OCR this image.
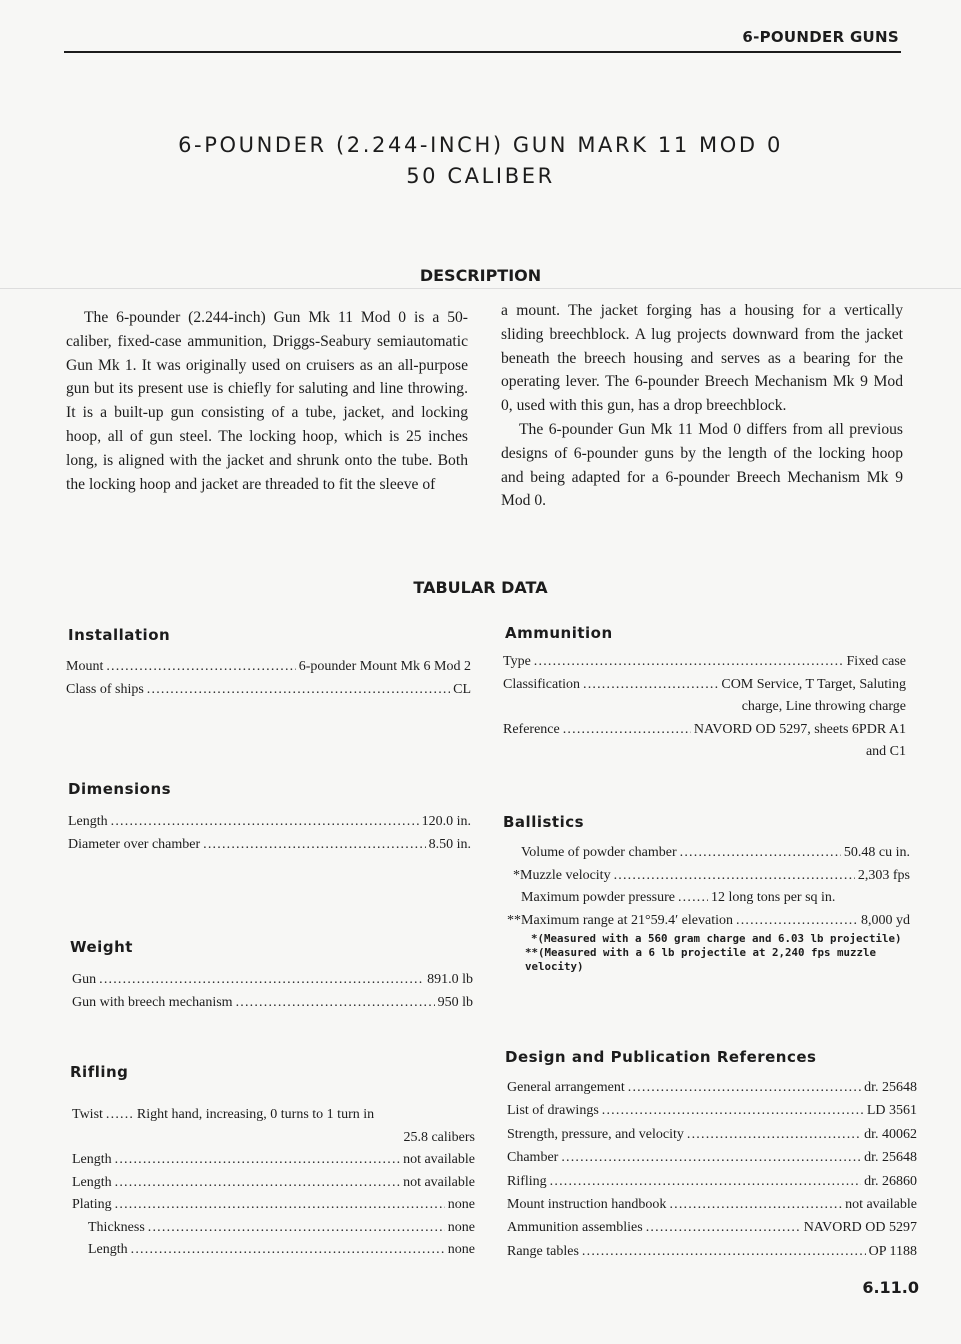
6-POUNDER GUNS
6-POUNDER (2.244-INCH) GUN MARK 11 MOD 0
50 CALIBER
DESCRIPTION

The 6-pounder (2.244-inch) Gun Mk 11 Mod 0 is a 50-caliber, fixed-case ammunition, Driggs-Seabury semiautomatic Gun Mk 1. It was originally used on cruisers as an all-purpose gun but its present use is chiefly for saluting and line throwing. It is a built-up gun consisting of a tube, jacket, and locking hoop, all of gun steel. The locking hoop, which is 25 inches long, is aligned with the jacket and shrunk onto the tube. Both the locking hoop and jacket are threaded to fit the sleeve of

a mount. The jacket forging has a housing for a vertically sliding breechblock. A lug projects downward from the jacket beneath the breech housing and serves as a bearing for the operating lever. The 6-pounder Breech Mechanism Mk 9 Mod 0, used with this gun, has a drop breechblock.

The 6-pounder Gun Mk 11 Mod 0 differs from all previous designs of 6-pounder guns by the length of the locking hoop and being adapted for a 6-pounder Breech Mechanism Mk 9 Mod 0.

TABULAR DATA
Installation
Mount .....	6-pounder Mount Mk 6 Mod 2
Class of ships .....	CL
Dimensions
Length .....	120.0 in.
Diameter over chamber .....	8.50 in.
Weight
Gun .....	891.0 lb
Gun with breech mechanism .....	950 lb
Rifling
Twist ..... Right hand, increasing, 0 turns to 1 turn in
25.8 calibers
Length .....	not available
Length .....	not available
Plating .....	none
Thickness .....	none
Length .....	none
Ammunition
Type .....	Fixed case
Classification .....	COM Service, T Target, Saluting
charge, Line throwing charge
Reference .....	NAVORD OD 5297, sheets 6PDR A1
and C1
Ballistics
Volume of powder chamber .....	50.48 cu in.
*Muzzle velocity .....	2,303 fps
Maximum powder pressure .....	12 long tons per sq in.
**Maximum range at 21°59.4′ elevation .....	8,000 yd
*(Measured with a 560 gram charge and 6.03 lb projectile)
**(Measured with a 6 lb projectile at 2,240 fps muzzle velocity)
Design and Publication References
General arrangement .....	dr. 25648
List of drawings .....	LD 3561
Strength, pressure, and velocity .....	dr. 40062
Chamber .....	dr. 25648
Rifling .....	dr. 26860
Mount instruction handbook .....	not available
Ammunition assemblies .....	NAVORD OD 5297
Range tables .....	OP 1188
6.11.0
